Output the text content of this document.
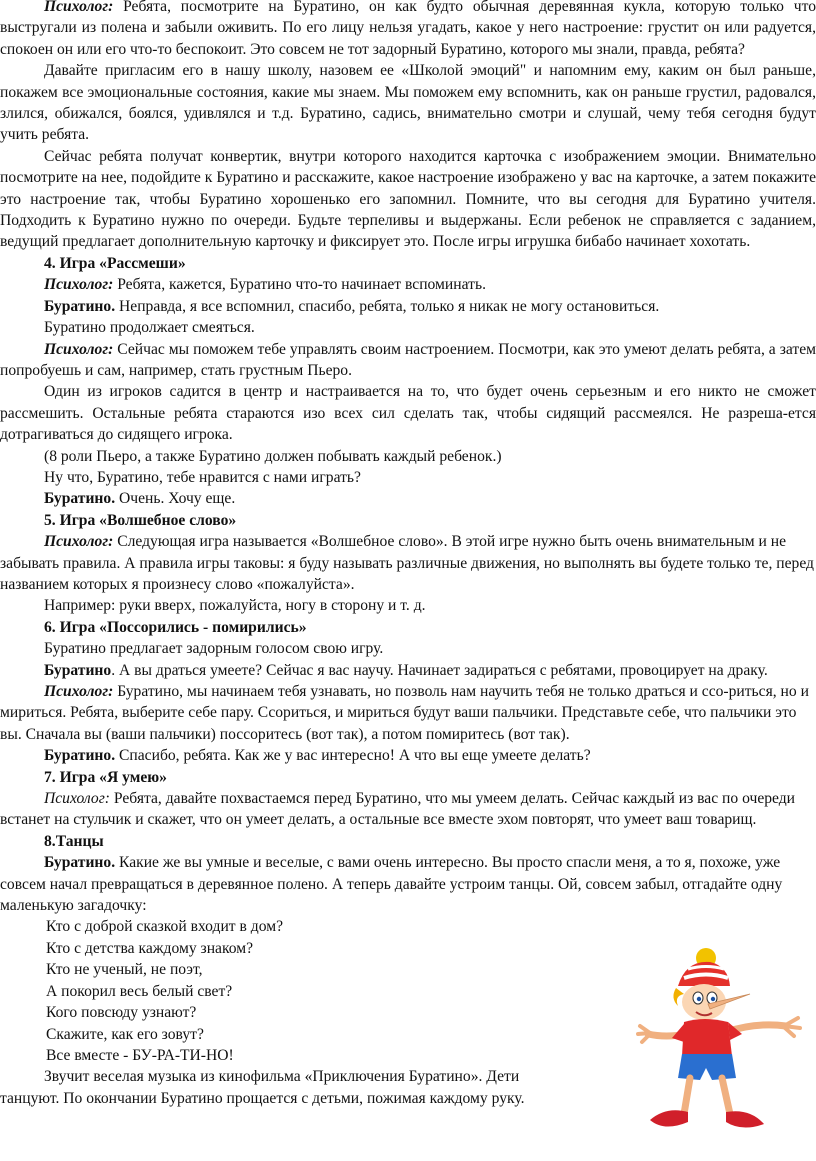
Психолог: Ребята, посмотрите на Буратино, он как будто обычная деревянная кукла, которую только что выстругали из полена и забыли оживить. По его лицу нельзя угадать, какое у него настроение: грустит он или радуется, спокоен он или его что-то беспокоит. Это совсем не тот задорный Буратино, которого мы знали, правда, ребята?

Давайте пригласим его в нашу школу, назовем ее «Школой эмоций" и напомним ему, каким он был раньше, покажем все эмоциональные состояния, какие мы знаем. Мы поможем ему вспомнить, как он раньше грустил, радовался, злился, обижался, боялся, удивлялся и т.д. Буратино, садись, внимательно смотри и слушай, чему тебя сегодня будут учить ребята.

Сейчас ребята получат конвертик, внутри которого находится карточка с изображением эмоции. Внимательно посмотрите на нее, подойдите к Буратино и расскажите, какое настроение изображено у вас на карточке, а затем покажите это настроение так, чтобы Буратино хорошенько его запомнил. Помните, что вы сегодня для Буратино учителя. Подходить к Буратино нужно по очереди. Будьте терпеливы и выдержаны. Если ребенок не справляется с заданием, ведущий предлагает дополнительную карточку и фиксирует это. После игры игрушка бибабо начинает хохотать.

4. Игра «Рассмеши»

Психолог: Ребята, кажется, Буратино что-то начинает вспоминать.

Буратино. Неправда, я все вспомнил, спасибо, ребята, только я никак не могу остановиться.

Буратино продолжает смеяться.

Психолог: Сейчас мы поможем тебе управлять своим настроением. Посмотри, как это умеют делать ребята, а затем попробуешь и сам, например, стать грустным Пьеро.

Один из игроков садится в центр и настраивается на то, что будет очень серьезным и его никто не сможет рассмешить. Остальные ребята стараются изо всех сил сделать так, чтобы сидящий рассмеялся. Не разреша-ется дотрагиваться до сидящего игрока.

(8 роли Пьеро, а также Буратино должен побывать каждый ребенок.)

Ну что, Буратино, тебе нравится с нами играть?

Буратино. Очень. Хочу еще.

5. Игра «Волшебное слово»

Психолог: Следующая игра называется «Волшебное слово». В этой игре нужно быть очень внимательным и не забывать правила. А правила игры таковы: я буду называть различные движения, но выполнять вы будете только те, перед названием которых я произнесу слово «пожалуйста».

Например: руки вверх, пожалуйста, ногу в сторону и т. д.

6. Игра «Поссорились - помирились»

Буратино предлагает задорным голосом свою игру.

Буратино. А вы драться умеете? Сейчас я вас научу. Начинает задираться с ребятами, провоцирует на драку.

Психолог: Буратино, мы начинаем тебя узнавать, но позволь нам научить тебя не только драться и ссо-риться, но и мириться. Ребята, выберите себе пару. Ссориться, и мириться будут ваши пальчики. Представьте себе, что пальчики это вы. Сначала вы (ваши пальчики) поссоритесь (вот так), а потом помиритесь (вот так).

Буратино. Спасибо, ребята. Как же у вас интересно! А что вы еще умеете делать?

7. Игра «Я умею»

Психолог: Ребята, давайте похвастаемся перед Буратино, что мы умеем делать. Сейчас каждый из вас по очереди встанет на стульчик и скажет, что он умеет делать, а остальные все вместе эхом повторят, что умеет ваш товарищ.

8.Танцы

Буратино. Какие же вы умные и веселые, с вами очень интересно. Вы просто спасли меня, а то я, похоже, уже совсем начал превращаться в деревянное полено. А теперь давайте устроим танцы. Ой, совсем забыл, отгадайте одну маленькую загадочку:

Кто с доброй сказкой входит в дом?

Кто с детства каждому знаком?

Кто не ученый, не поэт,

А покорил весь белый свет?

Кого повсюду узнают?

Скажите, как его зовут?

Все вместе - БУ-РА-ТИ-НО!

Звучит веселая музыка из кинофильма «Приключения Буратино». Дети танцуют. По окончании Буратино прощается с детьми, пожимая каждому руку.
